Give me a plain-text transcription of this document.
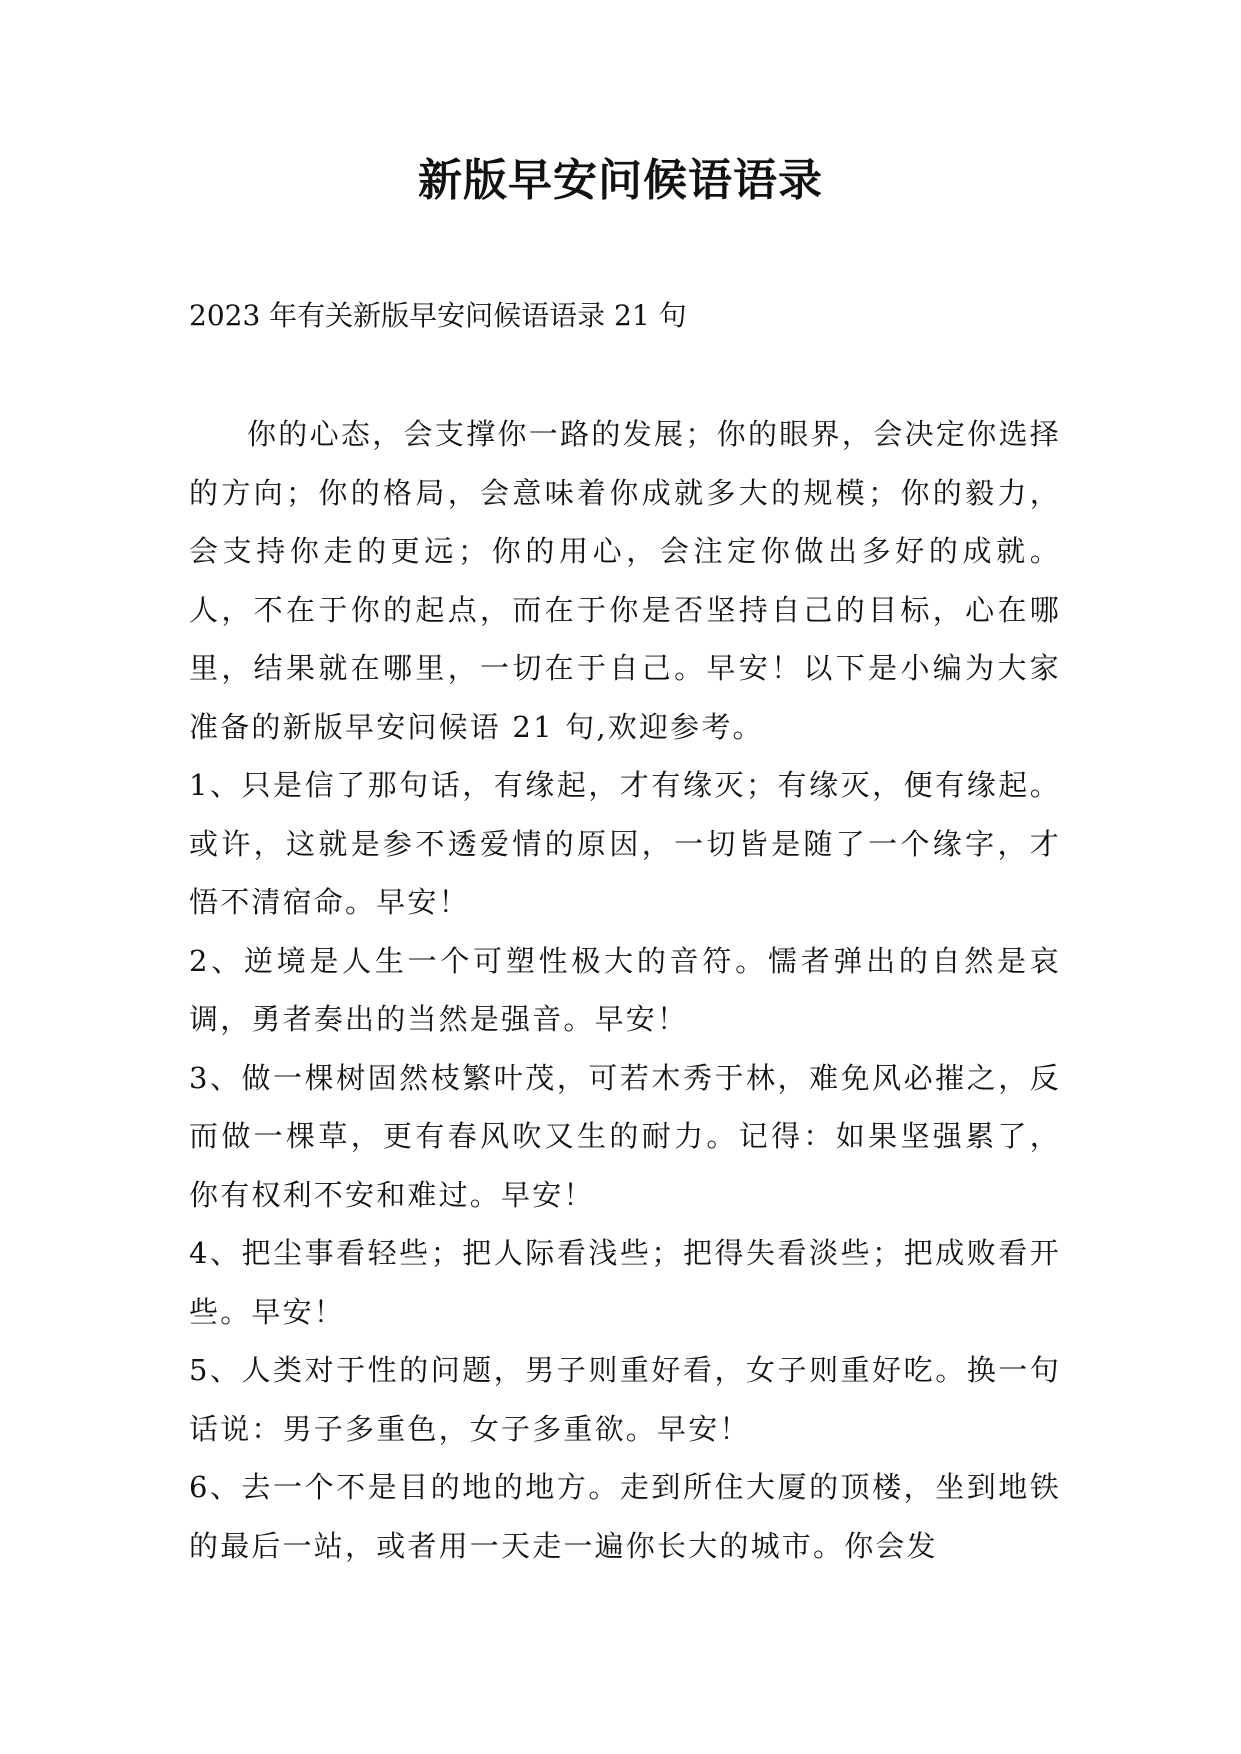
新版早安问候语语录
2023 年有关新版早安问候语语录 21 句

你的心态，会支撑你一路的发展；你的眼界，会决定你选择的方向；你的格局，会意味着你成就多大的规模；你的毅力，会支持你走的更远；你的用心，会注定你做出多好的成就。人，不在于你的起点，而在于你是否坚持自己的目标，心在哪里，结果就在哪里，一切在于自己。早安！以下是小编为大家准备的新版早安问候语 21 句,欢迎参考。

1、只是信了那句话，有缘起，才有缘灭；有缘灭，便有缘起。或许，这就是参不透爱情的原因，一切皆是随了一个缘字，才悟不清宿命。早安！

2、逆境是人生一个可塑性极大的音符。懦者弹出的自然是哀调，勇者奏出的当然是强音。早安！

3、做一棵树固然枝繁叶茂，可若木秀于林，难免风必摧之，反而做一棵草，更有春风吹又生的耐力。记得：如果坚强累了，你有权利不安和难过。早安！

4、把尘事看轻些；把人际看浅些；把得失看淡些；把成败看开些。早安！

5、人类对于性的问题，男子则重好看，女子则重好吃。换一句话说：男子多重色，女子多重欲。早安！

6、去一个不是目的地的地方。走到所住大厦的顶楼，坐到地铁的最后一站，或者用一天走一遍你长大的城市。你会发
